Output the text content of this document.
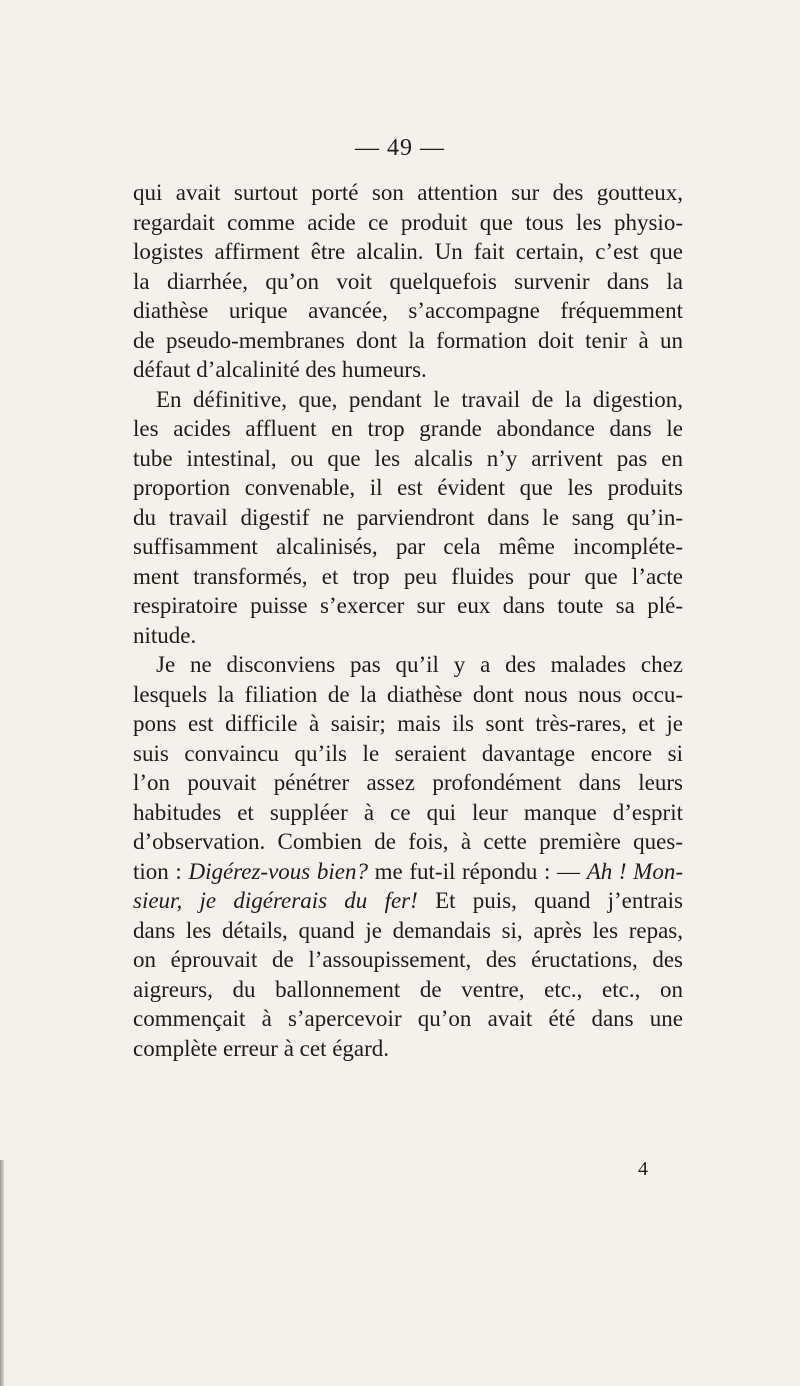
— 49 —
qui avait surtout porté son attention sur des goutteux,
regardait comme acide ce produit que tous les physio-
logistes affirment être alcalin. Un fait certain, c’est que
la diarrhée, qu’on voit quelquefois survenir dans la
diathèse urique avancée, s’accompagne fréquemment
de pseudo-membranes dont la formation doit tenir à un
défaut d’alcalinité des humeurs.
En définitive, que, pendant le travail de la digestion,
les acides affluent en trop grande abondance dans le
tube intestinal, ou que les alcalis n’y arrivent pas en
proportion convenable, il est évident que les produits
du travail digestif ne parviendront dans le sang qu’in-
suffisamment alcalinisés, par cela même incompléte-
ment transformés, et trop peu fluides pour que l’acte
respiratoire puisse s’exercer sur eux dans toute sa plé-
nitude.
Je ne disconviens pas qu’il y a des malades chez
lesquels la filiation de la diathèse dont nous nous occu-
pons est difficile à saisir; mais ils sont très-rares, et je
suis convaincu qu’ils le seraient davantage encore si
l’on pouvait pénétrer assez profondément dans leurs
habitudes et suppléer à ce qui leur manque d’esprit
d’observation. Combien de fois, à cette première ques-
tion : Digérez-vous bien? me fut-il répondu : — Ah ! Mon-
sieur, je digérerais du fer! Et puis, quand j’entrais
dans les détails, quand je demandais si, après les repas,
on éprouvait de l’assoupissement, des éructations, des
aigreurs, du ballonnement de ventre, etc., etc., on
commençait à s’apercevoir qu’on avait été dans une
complète erreur à cet égard.
4
